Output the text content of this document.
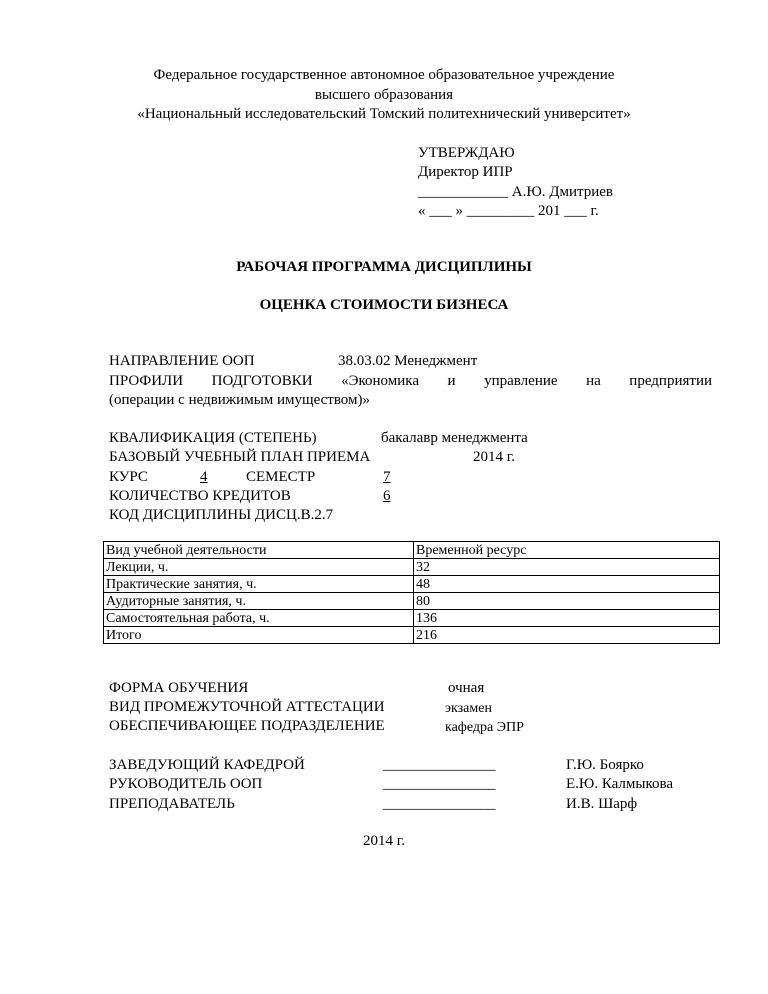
Федеральное государственное автономное образовательное учреждение
высшего образования
«Национальный исследовательский Томский политехнический университет»
УТВЕРЖДАЮ
Директор ИПР
____________ А.Ю. Дмитриев
« ___ » _________ 201 ___ г.
РАБОЧАЯ ПРОГРАММА ДИСЦИПЛИНЫ
ОЦЕНКА СТОИМОСТИ БИЗНЕСА
НАПРАВЛЕНИЕ ООП	38.03.02 Менеджмент
ПРОФИЛИ ПОДГОТОВКИ «Экономика и управление на предприятии
(операции с недвижимым имуществом)»
КВАЛИФИКАЦИЯ (СТЕПЕНЬ)	бакалавр менеджмента
БАЗОВЫЙ УЧЕБНЫЙ ПЛАН ПРИЕМА	2014 г.
КУРС	4	СЕМЕСТР	7
КОЛИЧЕСТВО КРЕДИТОВ	6
КОД ДИСЦИПЛИНЫ ДИСЦ.В.2.7
Вид учебной деятельности	Временной ресурс
Лекции, ч.	32
Практические занятия, ч.	48
Аудиторные занятия, ч.	80
Самостоятельная работа, ч.	136
Итого	216
ФОРМА ОБУЧЕНИЯ	очная
ВИД ПРОМЕЖУТОЧНОЙ АТТЕСТАЦИИ	экзамен
ОБЕСПЕЧИВАЮЩЕЕ ПОДРАЗДЕЛЕНИЕ	кафедра ЭПР
ЗАВЕДУЮЩИЙ КАФЕДРОЙ	_______________	Г.Ю. Боярко
РУКОВОДИТЕЛЬ ООП	_______________	Е.Ю. Калмыкова
ПРЕПОДАВАТЕЛЬ	_______________	И.В. Шарф
2014 г.
